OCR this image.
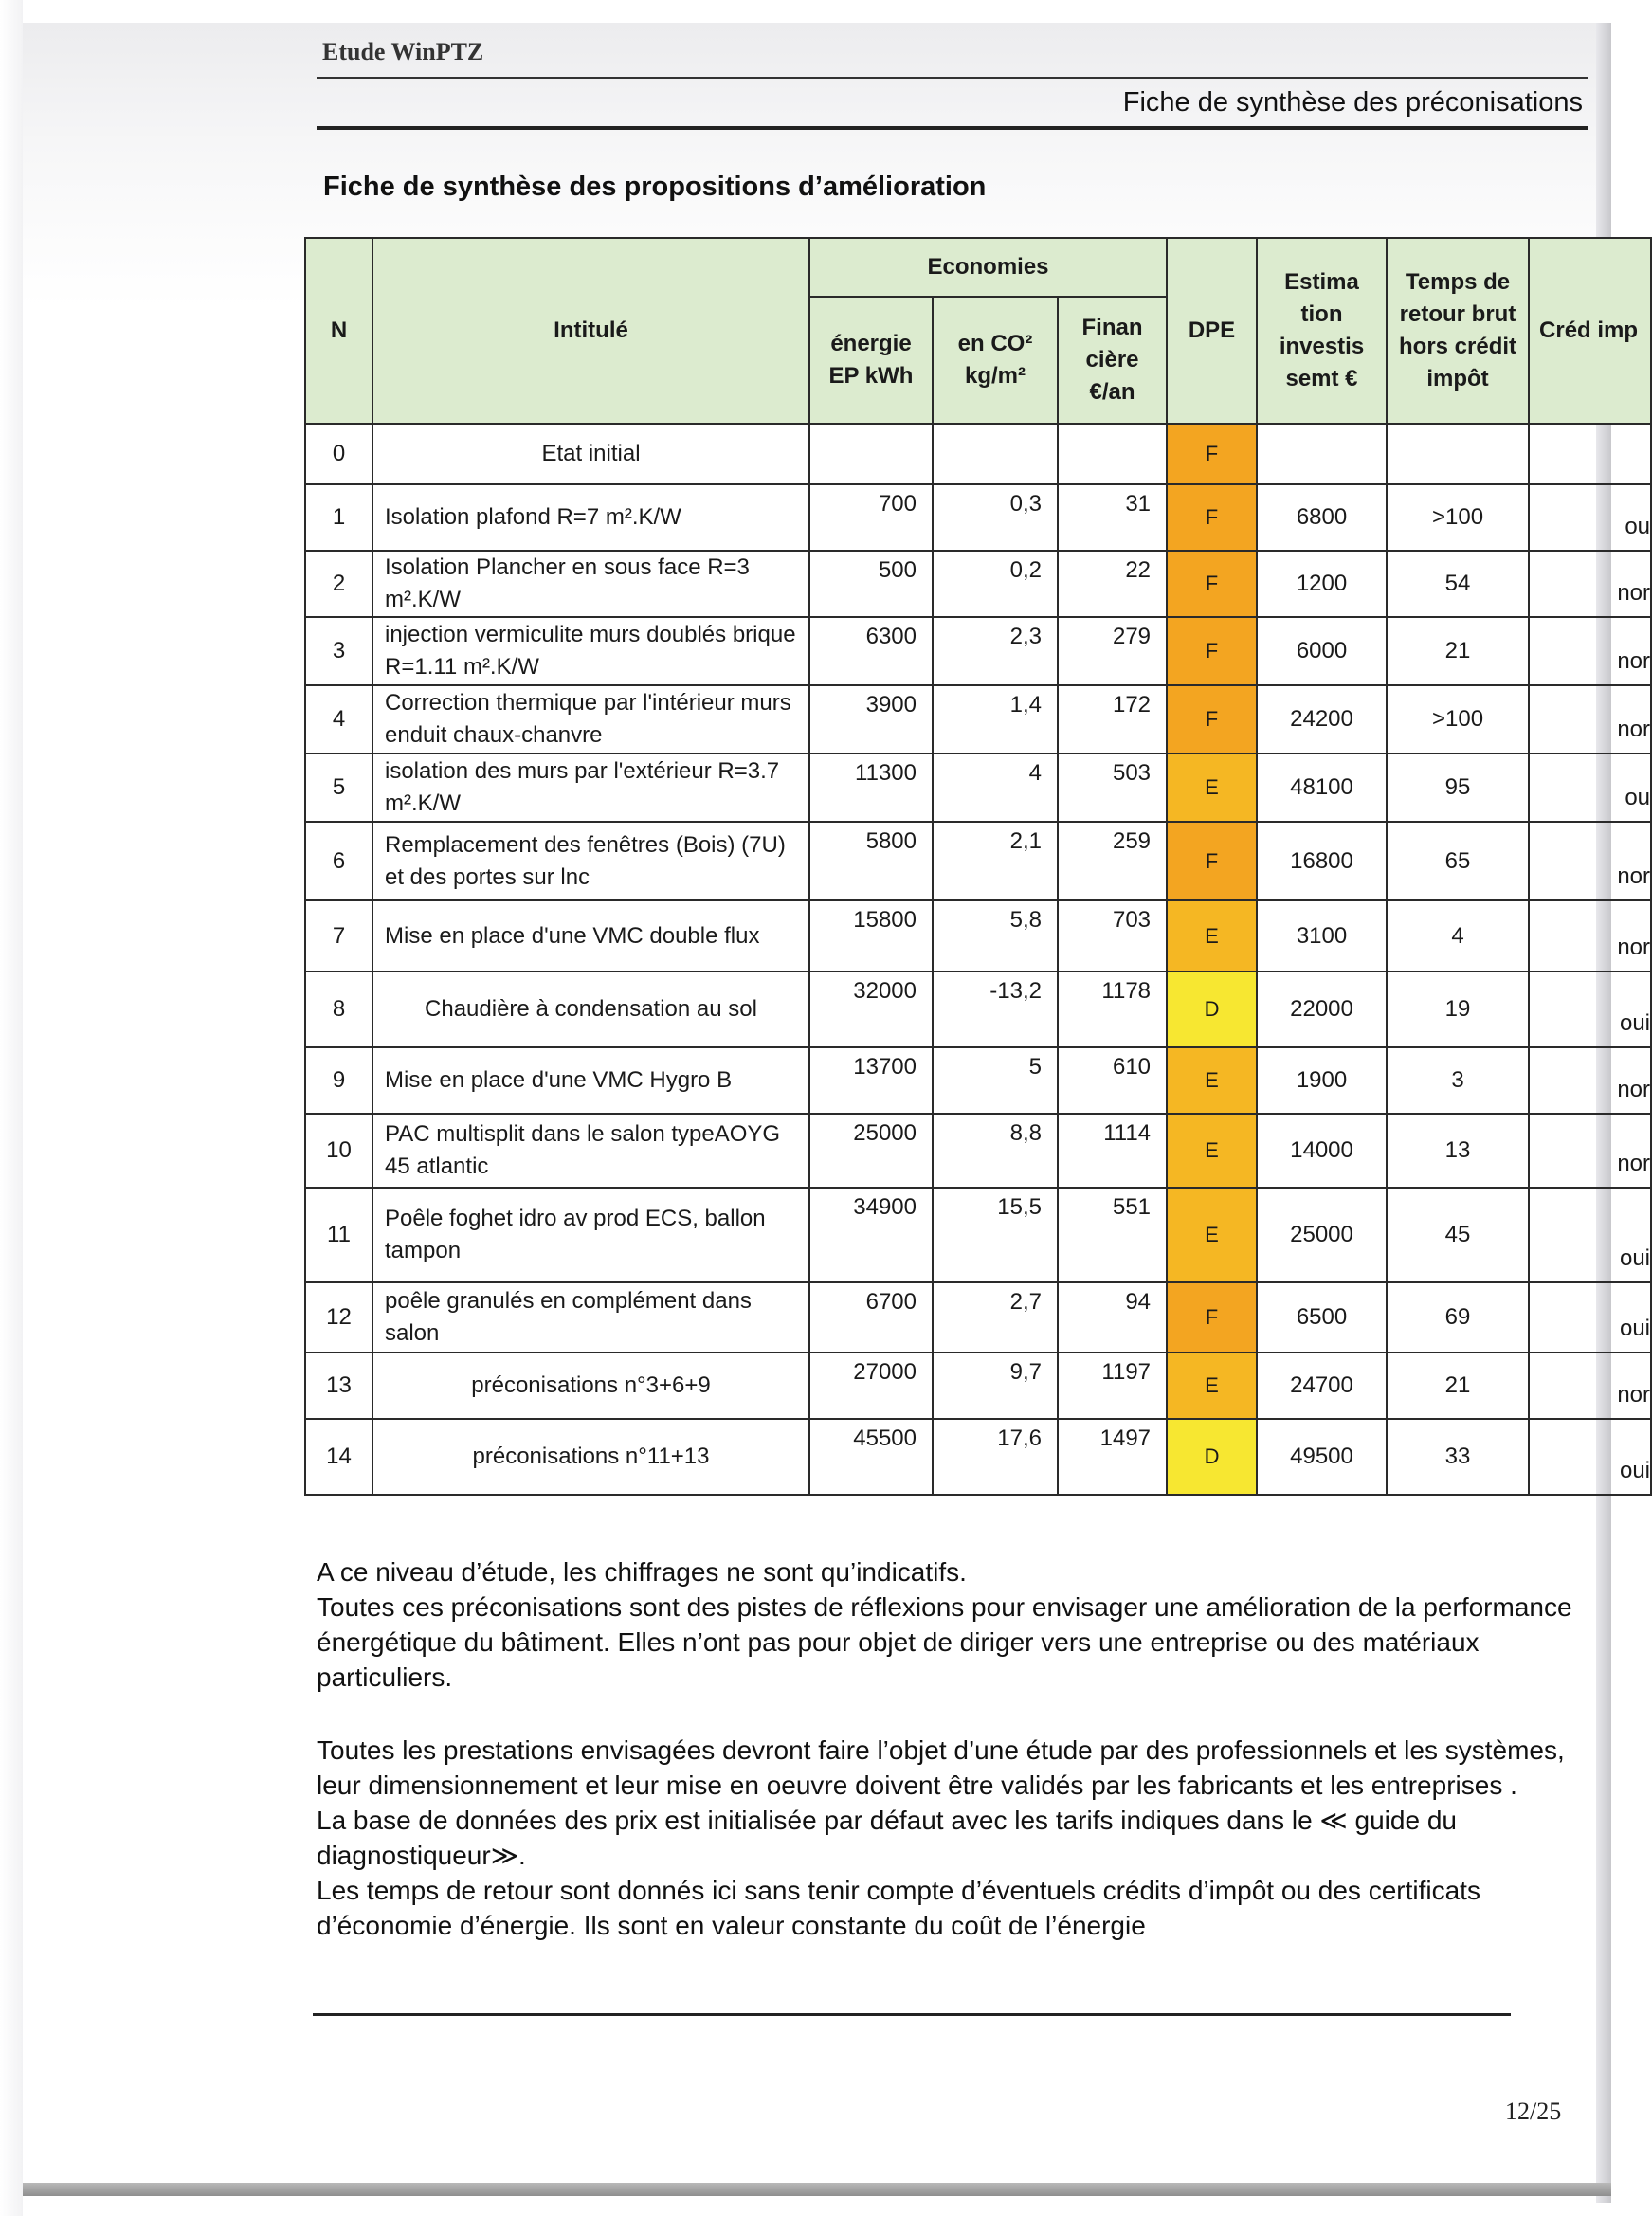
Etude WinPTZ
Fiche de synthèse des préconisations
Fiche de synthèse des propositions d’amélioration
N	Intitulé	Economies			DPE	Estima tion investis semt €	Temps de retour brut hors crédit impôt	Créd imp
		énergie EP kWh	en CO² kg/m²	Finan cière €/an				
0	Etat initial				F			
1	Isolation plafond R=7 m².K/W	700	0,3	31	F	6800	>100	ou
2	Isolation Plancher en sous face R=3 m².K/W	500	0,2	22	F	1200	54	nor
3	injection vermiculite murs doublés brique R=1.11 m².K/W	6300	2,3	279	F	6000	21	nor
4	Correction thermique par l'intérieur murs enduit chaux-chanvre	3900	1,4	172	F	24200	>100	nor
5	isolation des murs par l'extérieur R=3.7 m².K/W	11300	4	503	E	48100	95	ou
6	Remplacement des fenêtres (Bois) (7U) et des portes sur lnc	5800	2,1	259	F	16800	65	nor
7	Mise en place d'une VMC double flux	15800	5,8	703	E	3100	4	nor
8	Chaudière à condensation au sol	32000	-13,2	1178	D	22000	19	oui
9	Mise en place d'une VMC Hygro B	13700	5	610	E	1900	3	nor
10	PAC multisplit dans le salon typeAOYG 45 atlantic	25000	8,8	1114	E	14000	13	nor
11	Poêle foghet idro av prod ECS, ballon tampon	34900	15,5	551	E	25000	45	oui
12	poêle granulés en complément dans salon	6700	2,7	94	F	6500	69	oui
13	préconisations n°3+6+9	27000	9,7	1197	E	24700	21	nor
14	préconisations n°11+13	45500	17,6	1497	D	49500	33	oui

A ce niveau d’étude, les chiffrages ne sont qu’indicatifs.

Toutes ces préconisations sont des pistes de réflexions pour envisager une amélioration de la performance énergétique du bâtiment. Elles n’ont pas pour objet de diriger vers une entreprise ou des matériaux particuliers.

Toutes les prestations envisagées devront faire l’objet d’une étude par des professionnels et les systèmes, leur dimensionnement et leur mise en oeuvre doivent être validés par les fabricants et les entreprises .

La base de données des prix est initialisée par défaut avec les tarifs indiques dans le ≪ guide du diagnostiqueur≫.

Les temps de retour sont donnés ici sans tenir compte d’éventuels crédits d’impôt ou des certificats d’économie d’énergie. Ils sont en valeur constante du coût de l’énergie

12/25
